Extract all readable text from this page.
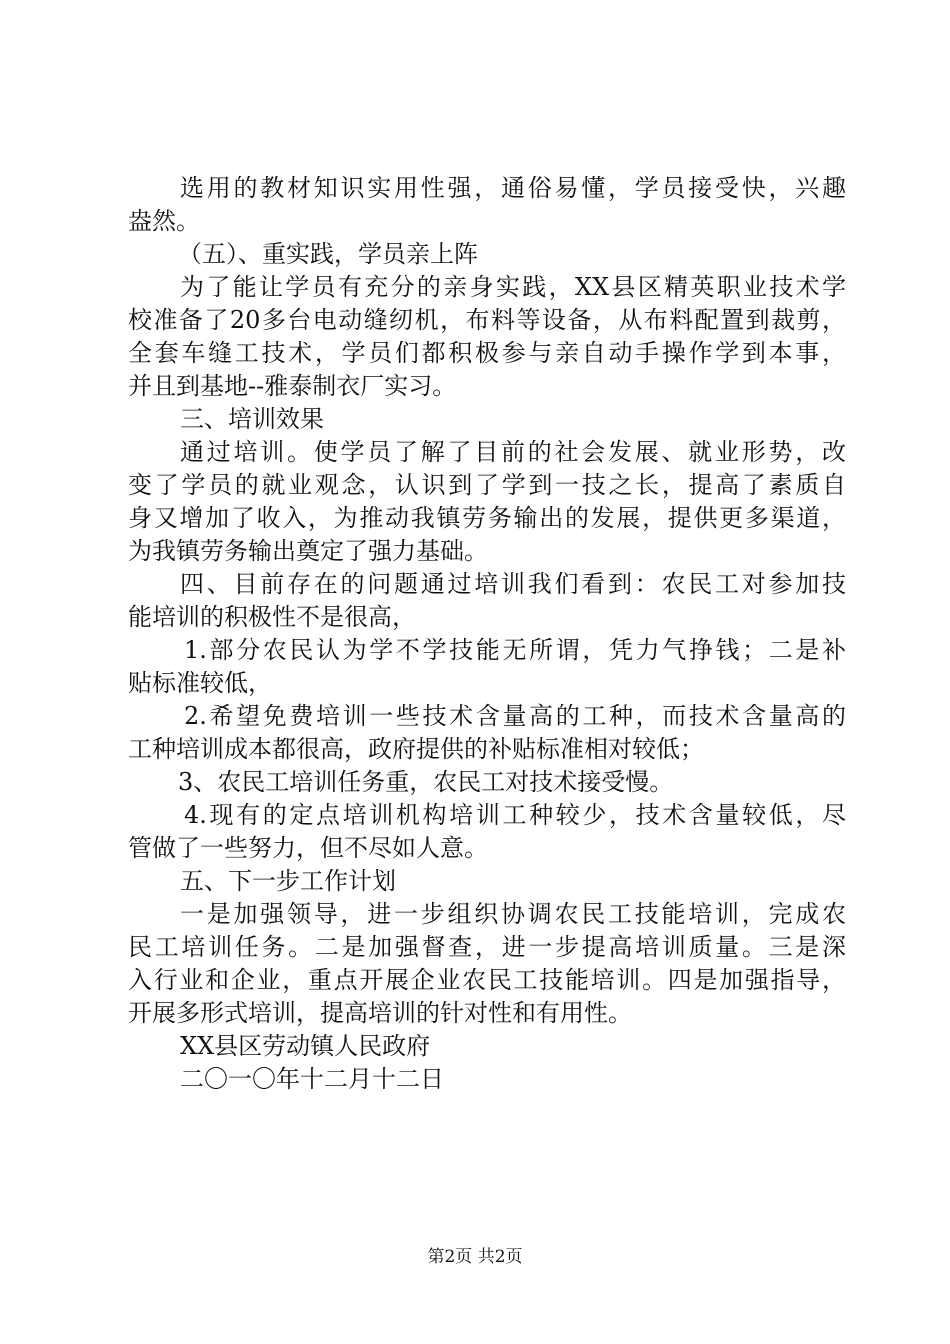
选用的教材知识实用性强，通俗易懂，学员接受快，兴趣
盎然。
（五）、重实践，学员亲上阵
为了能让学员有充分的亲身实践，XX县区精英职业技术学
校准备了20多台电动缝纫机，布料等设备，从布料配置到裁剪，
全套车缝工技术，学员们都积极参与亲自动手操作学到本事，
并且到基地--雅泰制衣厂实习。
三、培训效果
通过培训。使学员了解了目前的社会发展、就业形势，改
变了学员的就业观念，认识到了学到一技之长，提高了素质自
身又增加了收入，为推动我镇劳务输出的发展，提供更多渠道，
为我镇劳务输出奠定了强力基础。
四、目前存在的问题通过培训我们看到：农民工对参加技
能培训的积极性不是很高，
1.部分农民认为学不学技能无所谓，凭力气挣钱；二是补
贴标准较低，
2.希望免费培训一些技术含量高的工种，而技术含量高的
工种培训成本都很高，政府提供的补贴标准相对较低；
3、农民工培训任务重，农民工对技术接受慢。
4.现有的定点培训机构培训工种较少，技术含量较低，尽
管做了一些努力，但不尽如人意。
五、下一步工作计划
一是加强领导，进一步组织协调农民工技能培训，完成农
民工培训任务。二是加强督查，进一步提高培训质量。三是深
入行业和企业，重点开展企业农民工技能培训。四是加强指导，
开展多形式培训，提高培训的针对性和有用性。
XX县区劳动镇人民政府
二〇一〇年十二月十二日
第2页 共2页
